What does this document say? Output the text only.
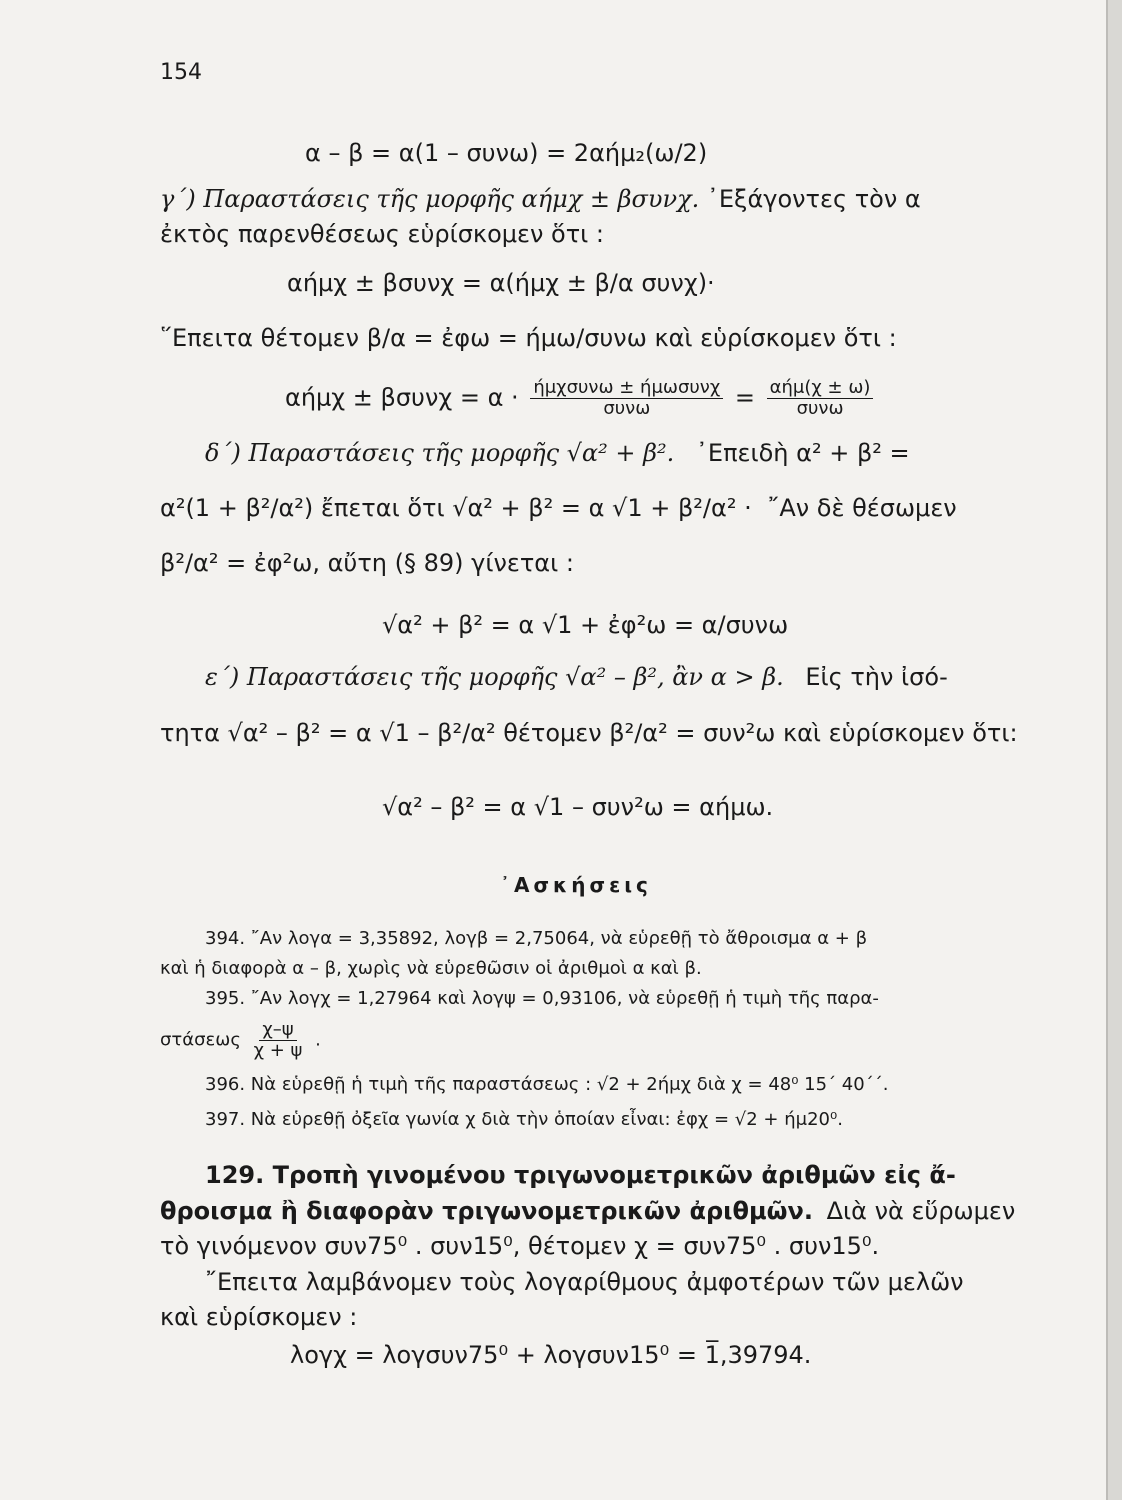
154
α – β = α(1 – συνω) = 2αήμ₂(ω/2)
γ΄) Παραστάσεις τῆς μορφῆς αήμχ ± βσυνχ. ᾿Εξάγοντες τὸν α
ἐκτὸς παρενθέσεως εὑρίσκομεν ὅτι :
αήμχ ± βσυνχ = α(ήμχ ± β/α συνχ)·
῞Επειτα θέτομεν β/α = ἐφω = ήμω/συνω καὶ εὑρίσκομεν ὅτι :
$\alpha ή\mu\chi \pm \beta\sigma\upsilon\nu\chi = \alpha \cdot \frac{\text{ήμχσυνω ± ήμωσυνχ}}{\text{συνω}} = \frac{\text{αήμ(χ ± ω)}}{\text{συνω}}$
δ΄) Παραστάσεις τῆς μορφῆς √α² + β². ᾿Επειδὴ α² + β² =
α²(1 + β²/α²) ἔπεται ὅτι √α² + β² = α √1 + β²/α² · ῎Αν δὲ θέσωμεν
β²/α² = ἐφ²ω, αὔτη (§ 89) γίνεται :
√α² + β² = α √1 + ἐφ²ω = α/συνω
ε΄) Παραστάσεις τῆς μορφῆς √α² – β², ἂν α > β. Εἰς τὴν ἰσό-
τητα √α² – β² = α √1 – β²/α² θέτομεν β²/α² = συν²ω καὶ εὑρίσκομεν ὅτι:
√α² – β² = α √1 – συν²ω = αήμω.
᾿Ασκήσεις
394. ῎Αν λογα = 3,35892, λογβ = 2,75064, νὰ εὑρεθῇ τὸ ἄθροισμα α + β
καὶ ἡ διαφορὰ α – β, χωρὶς νὰ εὑρεθῶσιν οἱ ἀριθμοὶ α καὶ β.
395. ῎Αν λογχ = 1,27964 καὶ λογψ = 0,93106, νὰ εὑρεθῇ ἡ τιμὴ τῆς παρα-
στάσεως $\frac{\chi-\psi}{\chi + \psi}$ .
396. Νὰ εὑρεθῇ ἡ τιμὴ τῆς παραστάσεως : √2 + 2ήμχ διὰ χ = 48⁰ 15΄ 40΄΄.
397. Νὰ εὑρεθῇ ὀξεῖα γωνία χ διὰ τὴν ὁποίαν εἶναι: ἐφχ = √2 + ήμ20⁰.
129. Τροπὴ γινομένου τριγωνομετρικῶν ἀριθμῶν εἰς ἄ-
θροισμα ἢ διαφορὰν τριγωνομετρικῶν ἀριθμῶν. Διὰ νὰ εὕρωμεν
τὸ γινόμενον συν75⁰ . συν15⁰, θέτομεν χ = συν75⁰ . συν15⁰.
῎Επειτα λαμβάνομεν τοὺς λογαρίθμους ἀμφοτέρων τῶν μελῶν
καὶ εὑρίσκομεν :
λογχ = λογσυν75⁰ + λογσυν15⁰ = 1̅,39794.
